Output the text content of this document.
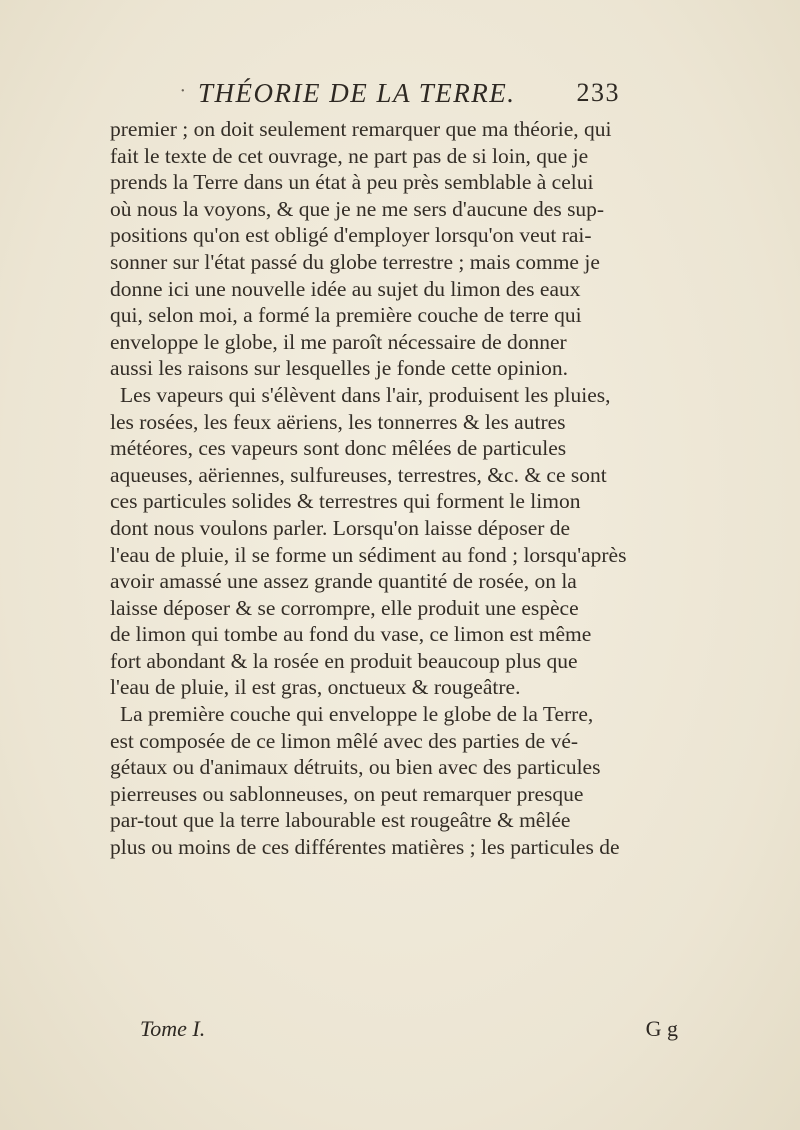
· THÉORIE DE LA TERRE. 233
premier ; on doit seulement remarquer que ma théorie, qui
fait le texte de cet ouvrage, ne part pas de si loin, que je
prends la Terre dans un état à peu près semblable à celui
où nous la voyons, & que je ne me sers d'aucune des sup-
positions qu'on est obligé d'employer lorsqu'on veut rai-
sonner sur l'état passé du globe terrestre ; mais comme je
donne ici une nouvelle idée au sujet du limon des eaux
qui, selon moi, a formé la première couche de terre qui
enveloppe le globe, il me paroît nécessaire de donner
aussi les raisons sur lesquelles je fonde cette opinion.
Les vapeurs qui s'élèvent dans l'air, produisent les pluies,
les rosées, les feux aëriens, les tonnerres & les autres
météores, ces vapeurs sont donc mêlées de particules
aqueuses, aëriennes, sulfureuses, terrestres, &c. & ce sont
ces particules solides & terrestres qui forment le limon
dont nous voulons parler. Lorsqu'on laisse déposer de
l'eau de pluie, il se forme un sédiment au fond ; lorsqu'après
avoir amassé une assez grande quantité de rosée, on la
laisse déposer & se corrompre, elle produit une espèce
de limon qui tombe au fond du vase, ce limon est même
fort abondant & la rosée en produit beaucoup plus que
l'eau de pluie, il est gras, onctueux & rougeâtre.
La première couche qui enveloppe le globe de la Terre,
est composée de ce limon mêlé avec des parties de vé-
gétaux ou d'animaux détruits, ou bien avec des particules
pierreuses ou sablonneuses, on peut remarquer presque
par-tout que la terre labourable est rougeâtre & mêlée
plus ou moins de ces différentes matières ; les particules de
Tome I.	G g
